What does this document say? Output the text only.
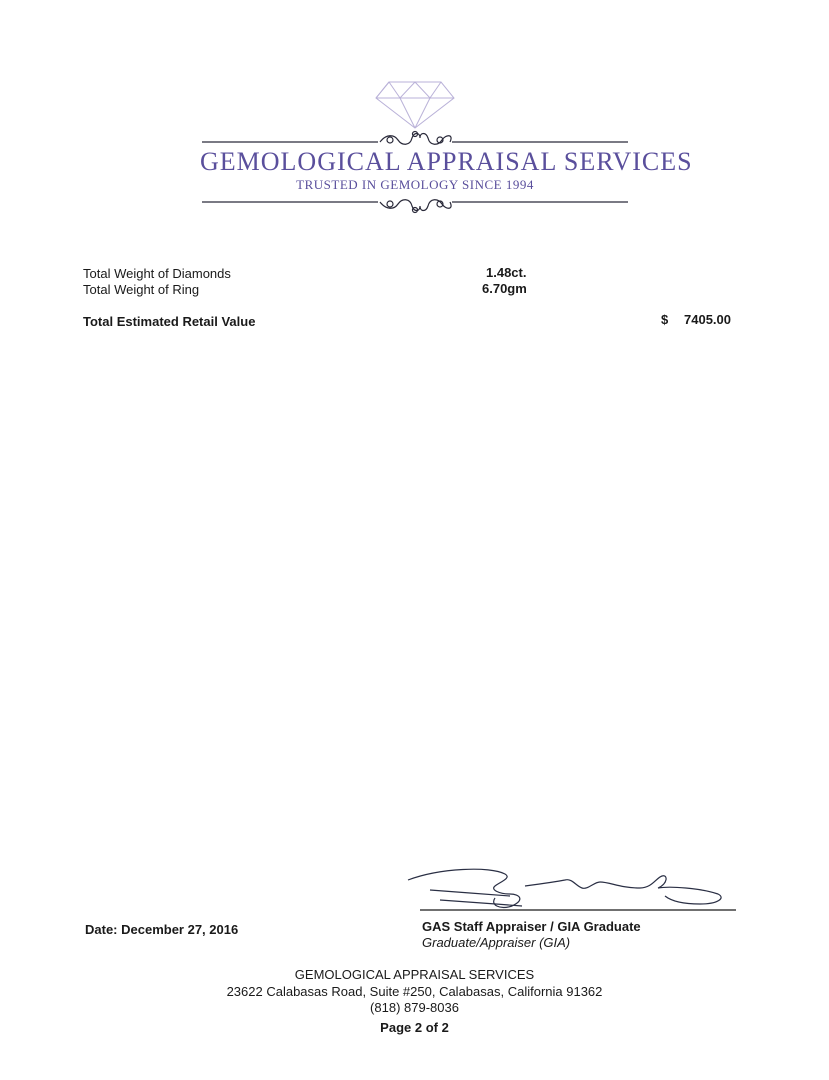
GEMOLOGICAL APPRAISAL SERVICES
TRUSTED IN GEMOLOGY SINCE 1994
Total Weight of Diamonds	1.48ct.
Total Weight of Ring	6.70gm
Total Estimated Retail Value	$ 7405.00
Date: December 27, 2016	GAS Staff Appraiser / GIA Graduate
Graduate/Appraiser (GIA)
GEMOLOGICAL APPRAISAL SERVICES
23622 Calabasas Road, Suite #250, Calabasas, California 91362
(818) 879-8036
Page 2 of 2
